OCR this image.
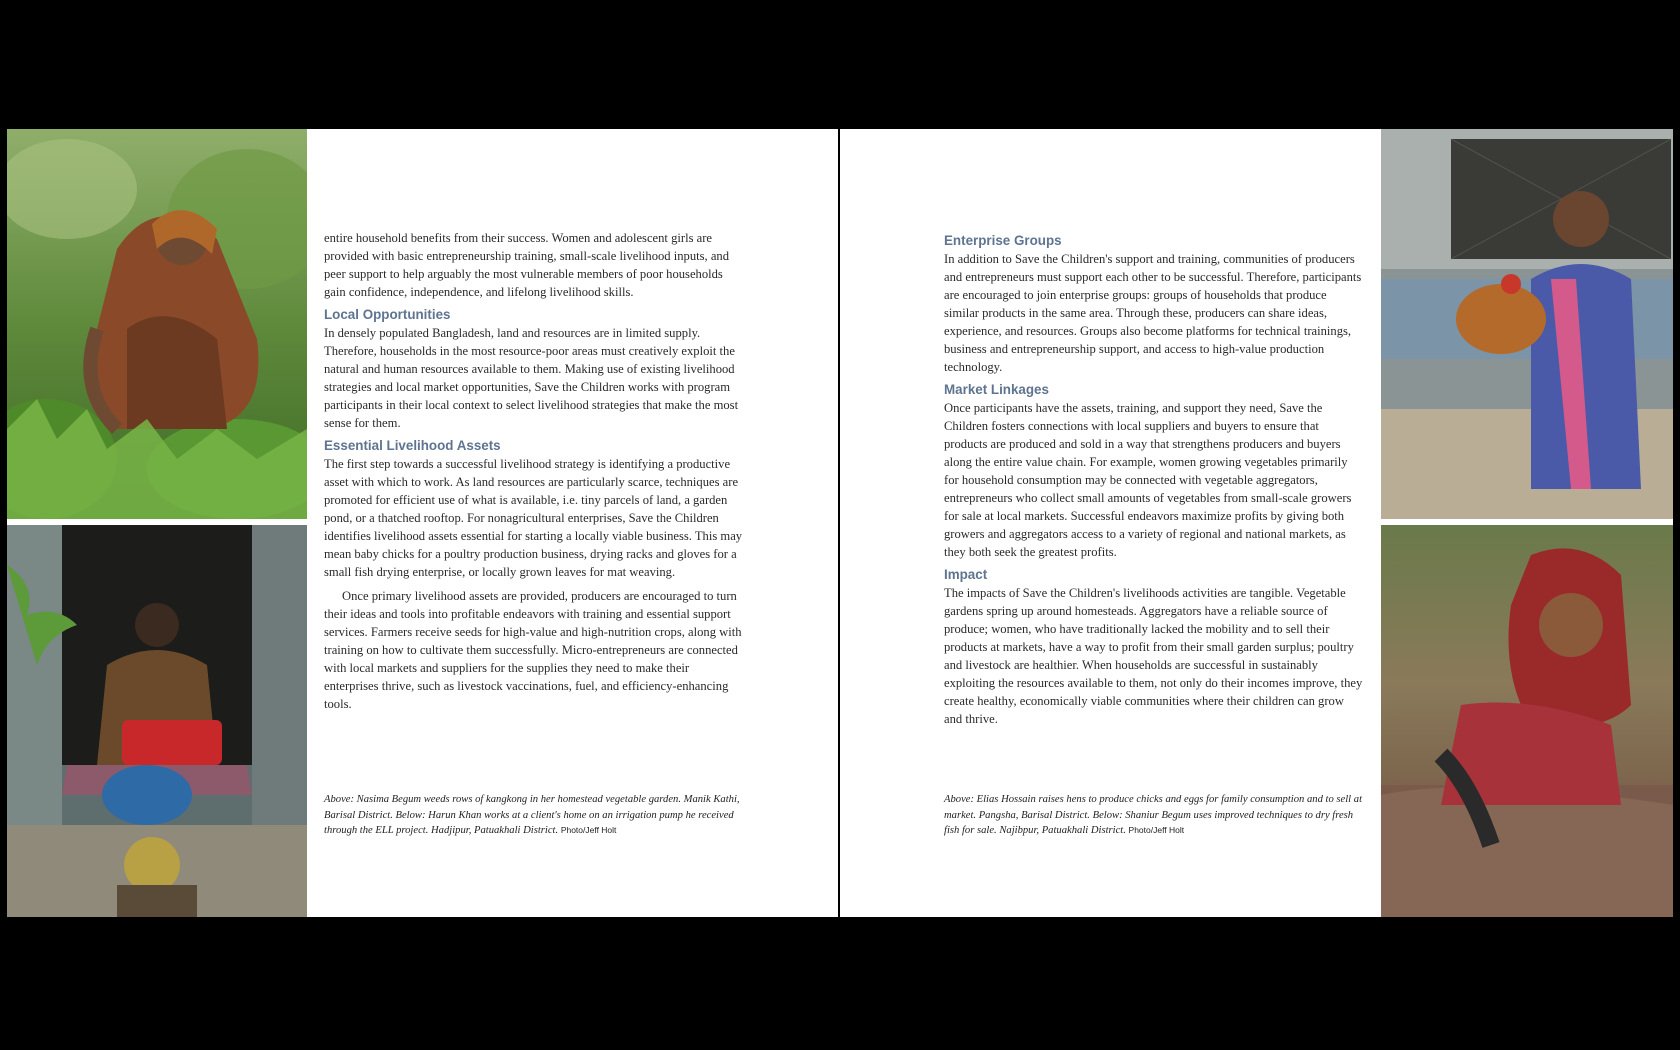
entire household benefits from their success. Women and adolescent girls are provided with basic entrepreneurship training, small-scale livelihood inputs, and peer support to help arguably the most vulnerable members of poor households gain confidence, independence, and lifelong livelihood skills.

Local Opportunities

In densely populated Bangladesh, land and resources are in limited supply. Therefore, households in the most resource-poor areas must creatively exploit the natural and human resources available to them. Making use of existing livelihood strategies and local market opportunities, Save the Children works with program participants in their local context to select livelihood strategies that make the most sense for them.

Essential Livelihood Assets

The first step towards a successful livelihood strategy is identifying a productive asset with which to work. As land resources are particularly scarce, techniques are promoted for efficient use of what is available, i.e. tiny parcels of land, a garden pond, or a thatched rooftop. For nonagricultural enterprises, Save the Children identifies livelihood assets essential for starting a locally viable business. This may mean baby chicks for a poultry production business, drying racks and gloves for a small fish drying enterprise, or locally grown leaves for mat weaving.

Once primary livelihood assets are provided, producers are encouraged to turn their ideas and tools into profitable endeavors with training and essential support services. Farmers receive seeds for high-value and high-nutrition crops, along with training on how to cultivate them successfully. Micro-entrepreneurs are connected with local markets and suppliers for the supplies they need to make their enterprises thrive, such as livestock vaccinations, fuel, and efficiency-enhancing tools.

Above: Nasima Begum weeds rows of kangkong in her homestead vegetable garden. Manik Kathi, Barisal District. Below: Harun Khan works at a client's home on an irrigation pump he received through the ELL project. Hadjipur, Patuakhali District. Photo/Jeff Holt
Enterprise Groups

In addition to Save the Children's support and training, communities of producers and entrepreneurs must support each other to be successful. Therefore, participants are encouraged to join enterprise groups: groups of households that produce similar products in the same area. Through these, producers can share ideas, experience, and resources. Groups also become platforms for technical trainings, business and entrepreneurship support, and access to high-value production technology.

Market Linkages

Once participants have the assets, training, and support they need, Save the Children fosters connections with local suppliers and buyers to ensure that products are produced and sold in a way that strengthens producers and buyers along the entire value chain. For example, women growing vegetables primarily for household consumption may be connected with vegetable aggregators, entrepreneurs who collect small amounts of vegetables from small-scale growers for sale at local markets. Successful endeavors maximize profits by giving both growers and aggregators access to a variety of regional and national markets, as they both seek the greatest profits.

Impact

The impacts of Save the Children's livelihoods activities are tangible. Vegetable gardens spring up around homesteads. Aggregators have a reliable source of produce; women, who have traditionally lacked the mobility and to sell their products at markets, have a way to profit from their small garden surplus; poultry and livestock are healthier. When households are successful in sustainably exploiting the resources available to them, not only do their incomes improve, they create healthy, economically viable communities where their children can grow and thrive.

Above: Elias Hossain raises hens to produce chicks and eggs for family consumption and to sell at market. Pangsha, Barisal District. Below: Shaniur Begum uses improved techniques to dry fresh fish for sale. Najibpur, Patuakhali District. Photo/Jeff Holt
